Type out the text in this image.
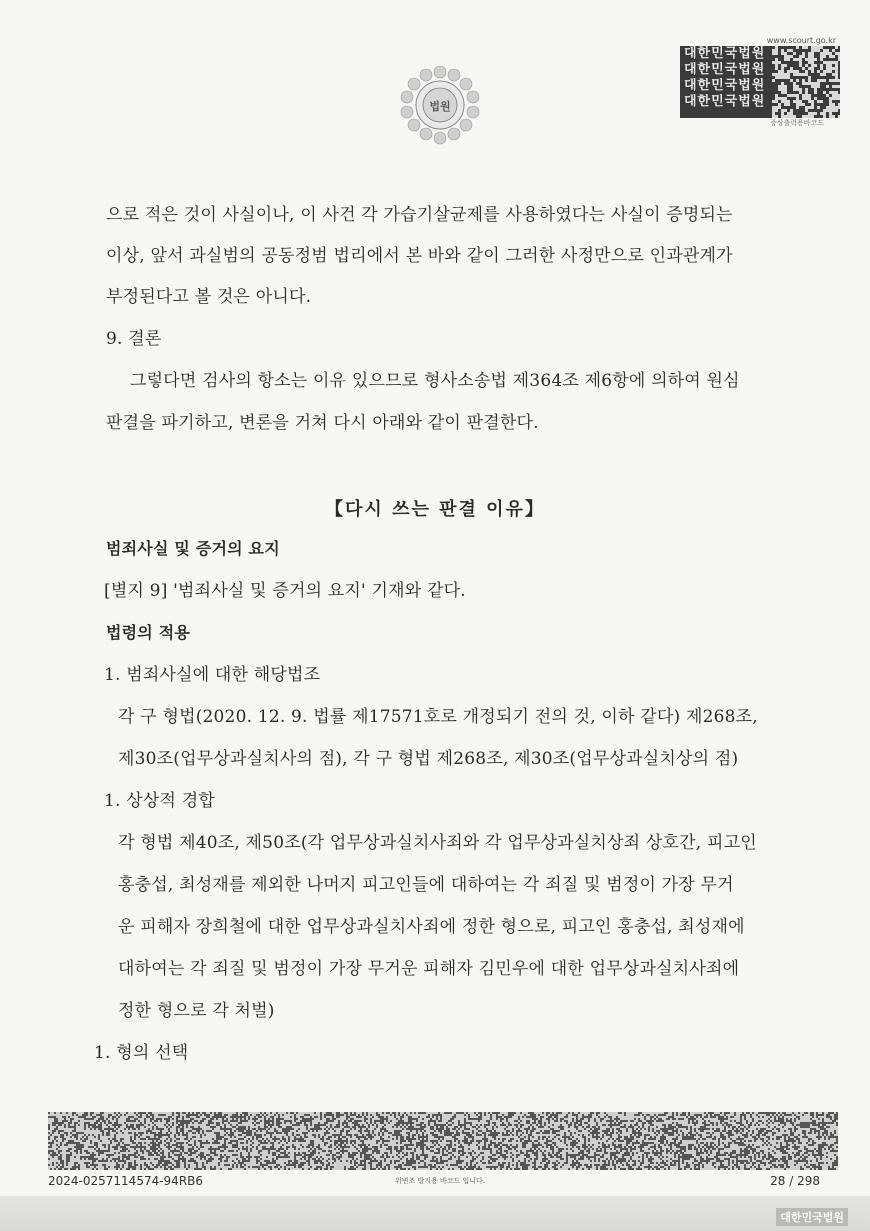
법원
www.scourt.go.kr
대한민국법원
대한민국법원
대한민국법원
대한민국법원
증상출력용바코드
으로 적은 것이 사실이나, 이 사건 각 가습기살균제를 사용하였다는 사실이 증명되는
이상, 앞서 과실범의 공동정범 법리에서 본 바와 같이 그러한 사정만으로 인과관계가
부정된다고 볼 것은 아니다.
9. 결론
그렇다면 검사의 항소는 이유 있으므로 형사소송법 제364조 제6항에 의하여 원심
판결을 파기하고, 변론을 거쳐 다시 아래와 같이 판결한다.
【다시 쓰는 판결 이유】
범죄사실 및 증거의 요지
[별지 9] '범죄사실 및 증거의 요지' 기재와 같다.
법령의 적용
1. 범죄사실에 대한 해당법조
각 구 형법(2020. 12. 9. 법률 제17571호로 개정되기 전의 것, 이하 같다) 제268조,
제30조(업무상과실치사의 점), 각 구 형법 제268조, 제30조(업무상과실치상의 점)
1. 상상적 경합
각 형법 제40조, 제50조(각 업무상과실치사죄와 각 업무상과실치상죄 상호간, 피고인
홍충섭, 최성재를 제외한 나머지 피고인들에 대하여는 각 죄질 및 범정이 가장 무거
운 피해자 장희철에 대한 업무상과실치사죄에 정한 형으로, 피고인 홍충섭, 최성재에
대하여는 각 죄질 및 범정이 가장 무거운 피해자 김민우에 대한 업무상과실치사죄에
정한 형으로 각 처벌)
1. 형의 선택
2024-0257114574-94RB6	위변조 방지용 바코드 입니다.	28 / 298
대한민국법원
